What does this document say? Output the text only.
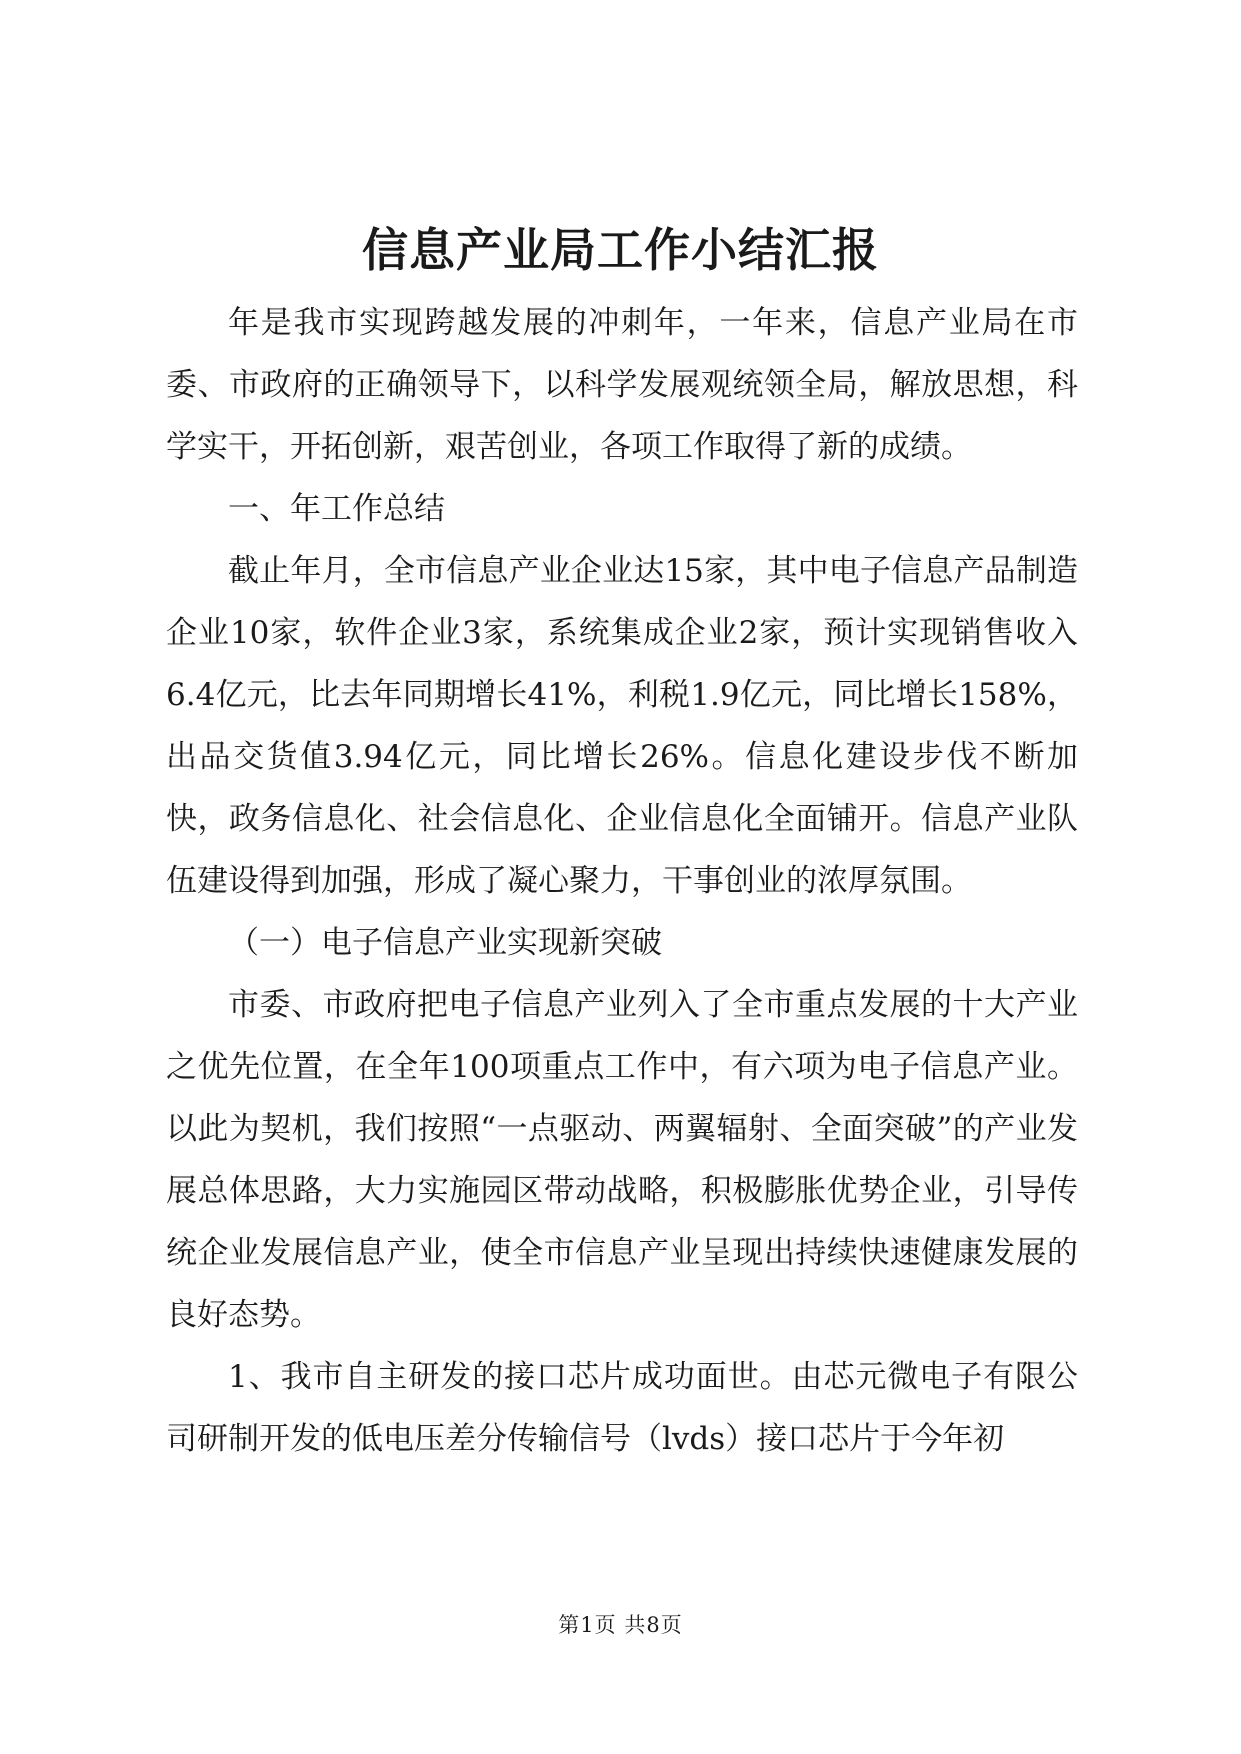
信息产业局工作小结汇报

年是我市实现跨越发展的冲刺年，一年来，信息产业局在市委、市政府的正确领导下，以科学发展观统领全局，解放思想，科学实干，开拓创新，艰苦创业，各项工作取得了新的成绩。

一、年工作总结

截止年月，全市信息产业企业达15家，其中电子信息产品制造企业10家，软件企业3家，系统集成企业2家，预计实现销售收入6.4亿元，比去年同期增长41%，利税1.9亿元，同比增长158%，出品交货值3.94亿元，同比增长26%。信息化建设步伐不断加快，政务信息化、社会信息化、企业信息化全面铺开。信息产业队伍建设得到加强，形成了凝心聚力，干事创业的浓厚氛围。

（一）电子信息产业实现新突破

市委、市政府把电子信息产业列入了全市重点发展的十大产业之优先位置，在全年100项重点工作中，有六项为电子信息产业。以此为契机，我们按照“一点驱动、两翼辐射、全面突破”的产业发展总体思路，大力实施园区带动战略，积极膨胀优势企业，引导传统企业发展信息产业，使全市信息产业呈现出持续快速健康发展的良好态势。

1、我市自主研发的接口芯片成功面世。由芯元微电子有限公司研制开发的低电压差分传输信号（lvds）接口芯片于今年初

第1页 共8页
